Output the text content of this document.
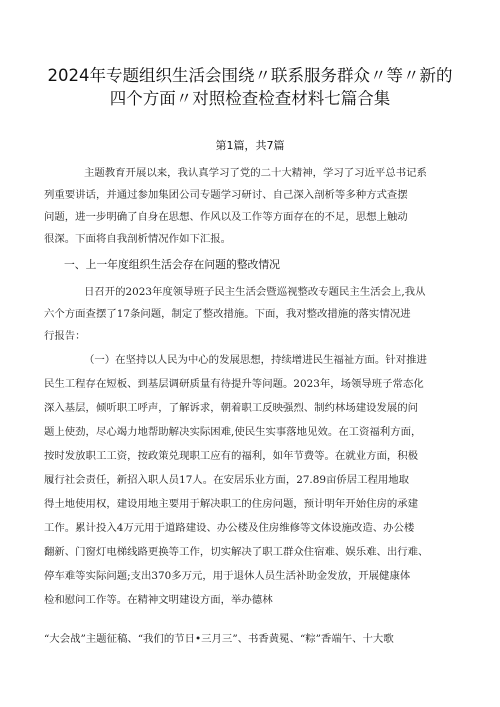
2024年专题组织生活会围绕〃联系服务群众〃等〃新的
四个方面〃对照检查检查材料七篇合集
第1篇，共7篇
主题教育开展以来，我认真学习了党的二十大精神，学习了习近平总书记系
列重要讲话，并通过参加集团公司专题学习研讨、自己深入剖析等多种方式查摆
问题，进一步明确了自身在思想、作风以及工作等方面存在的不足，思想上触动
很深。下面将自我剖析情况作如下汇报。
一、上一年度组织生活会存在问题的整改情况
日召开的2023年度领导班子民主生活会暨巡视整改专题民主生活会上,我从
六个方面查摆了17条问题，制定了整改措施。下面，我对整改措施的落实情况进
行报告：
（一）在坚持以人民为中心的发展思想，持续增进民生福祉方面。针对推进
民生工程存在短板、到基层调研质量有待提升等问题。2023年，场领导班子常态化
深入基层，倾听职工呼声，了解诉求，朝着职工反映强烈、制约林场建设发展的问
题上使劲，尽心竭力地帮助解决实际困难,使民生实事落地见效。在工资福利方面，
按时发放职工工资，按政策兑现职工应有的福利，如年节费等。在就业方面，积极
履行社会责任，新招入职人员17人。在安居乐业方面，27.89亩侨居工程用地取
得土地使用权，建设用地主要用于解决职工的住房问题，预计明年开始住房的承建
工作。累计投入4万元用于道路建设、办公楼及住房维修等文体设施改造、办公楼
翻新、门窗灯电梯线路更换等工作，切实解决了职工群众住宿难、娱乐难、出行难、
停车难等实际问题;支出370多万元，用于退休人员生活补助金发放，开展健康体
检和慰问工作等。在精神文明建设方面，举办德林
“大会战”主题征稿、“我们的节日•三月三”、书香黄冕、“粽”香端午、十大歌
